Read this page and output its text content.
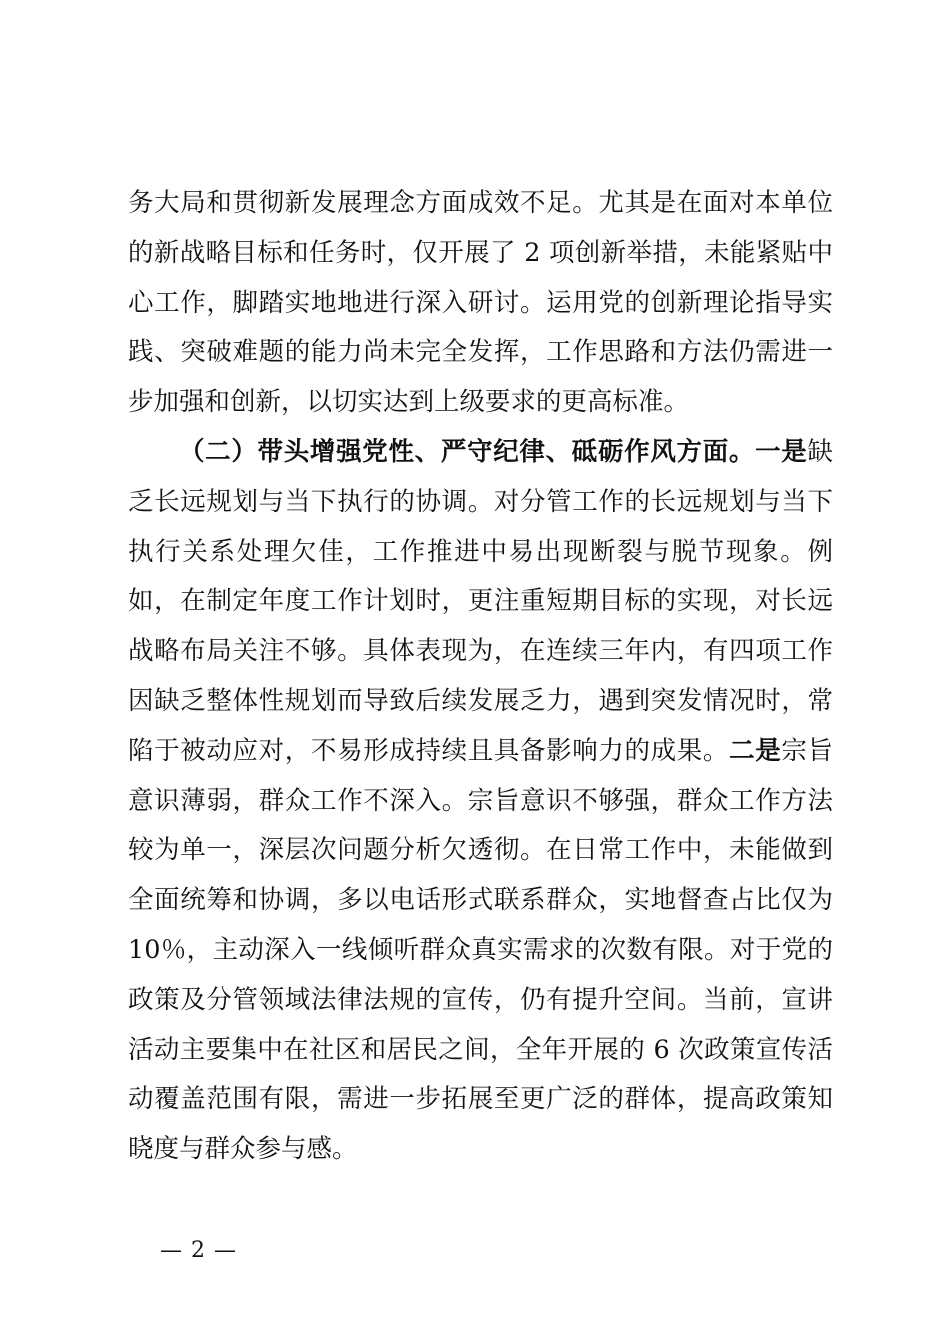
务大局和贯彻新发展理念方面成效不足。尤其是在面对本单位的新战略目标和任务时，仅开展了 2 项创新举措，未能紧贴中心工作，脚踏实地地进行深入研讨。运用党的创新理论指导实践、突破难题的能力尚未完全发挥，工作思路和方法仍需进一步加强和创新，以切实达到上级要求的更高标准。

（二）带头增强党性、严守纪律、砥砺作风方面。一是缺乏长远规划与当下执行的协调。对分管工作的长远规划与当下执行关系处理欠佳，工作推进中易出现断裂与脱节现象。例如，在制定年度工作计划时，更注重短期目标的实现，对长远战略布局关注不够。具体表现为，在连续三年内，有四项工作因缺乏整体性规划而导致后续发展乏力，遇到突发情况时，常陷于被动应对，不易形成持续且具备影响力的成果。二是宗旨意识薄弱，群众工作不深入。宗旨意识不够强，群众工作方法较为单一，深层次问题分析欠透彻。在日常工作中，未能做到全面统筹和协调，多以电话形式联系群众，实地督查占比仅为 10％，主动深入一线倾听群众真实需求的次数有限。对于党的政策及分管领域法律法规的宣传，仍有提升空间。当前，宣讲活动主要集中在社区和居民之间，全年开展的 6 次政策宣传活动覆盖范围有限，需进一步拓展至更广泛的群体，提高政策知晓度与群众参与感。

— 2 —
